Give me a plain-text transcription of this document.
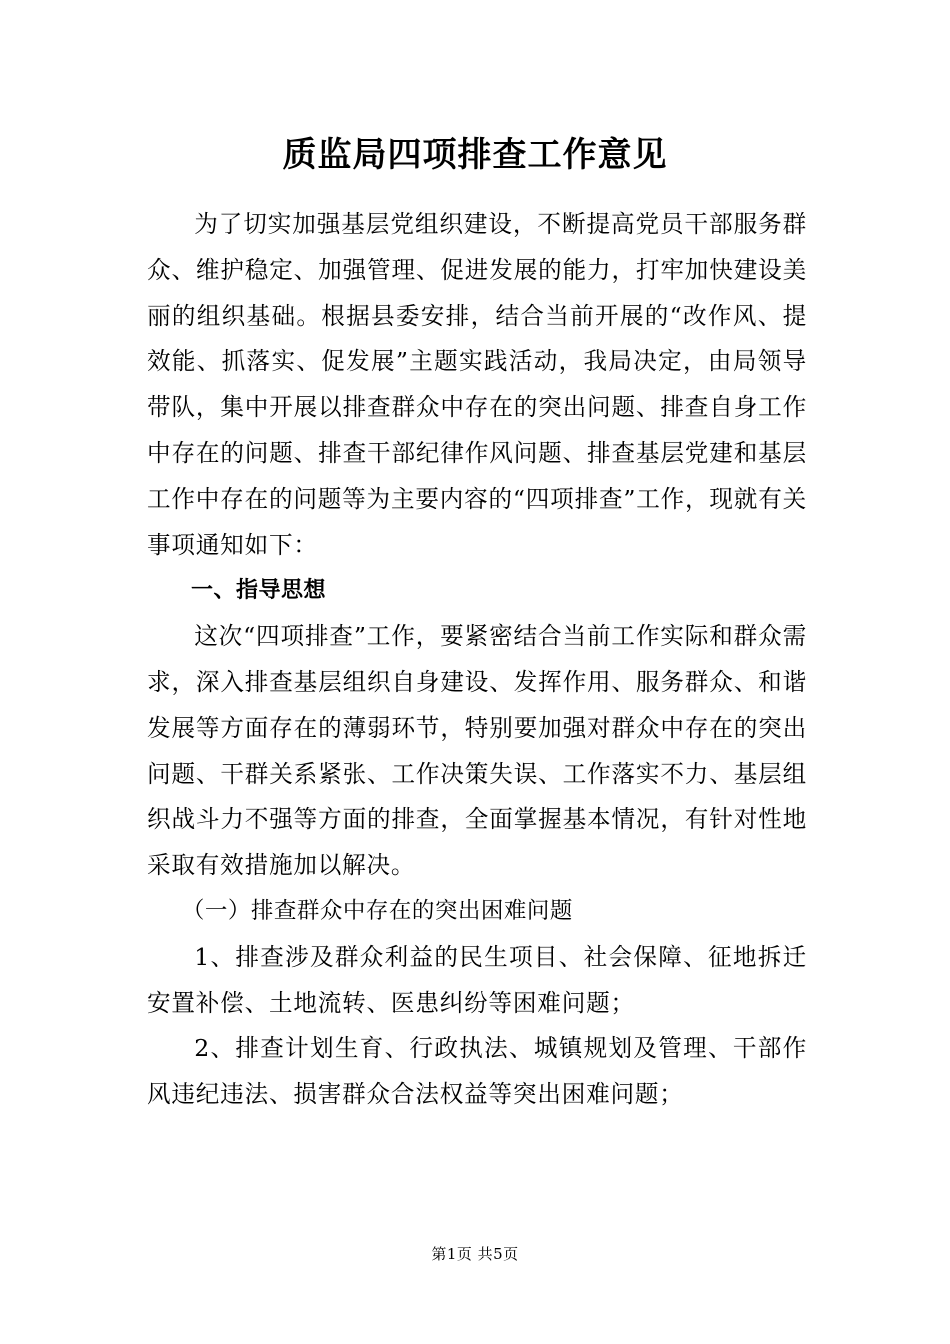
质监局四项排查工作意见

为了切实加强基层党组织建设，不断提高党员干部服务群众、维护稳定、加强管理、促进发展的能力，打牢加快建设美丽的组织基础。根据县委安排，结合当前开展的“改作风、提效能、抓落实、促发展”主题实践活动，我局决定，由局领导带队，集中开展以排查群众中存在的突出问题、排查自身工作中存在的问题、排查干部纪律作风问题、排查基层党建和基层工作中存在的问题等为主要内容的“四项排查”工作，现就有关事项通知如下：

一、指导思想

这次“四项排查”工作，要紧密结合当前工作实际和群众需求，深入排查基层组织自身建设、发挥作用、服务群众、和谐发展等方面存在的薄弱环节，特别要加强对群众中存在的突出问题、干群关系紧张、工作决策失误、工作落实不力、基层组织战斗力不强等方面的排查，全面掌握基本情况，有针对性地采取有效措施加以解决。

（一）排查群众中存在的突出困难问题

1、排查涉及群众利益的民生项目、社会保障、征地拆迁安置补偿、土地流转、医患纠纷等困难问题；

2、排查计划生育、行政执法、城镇规划及管理、干部作风违纪违法、损害群众合法权益等突出困难问题；

第1页 共5页
